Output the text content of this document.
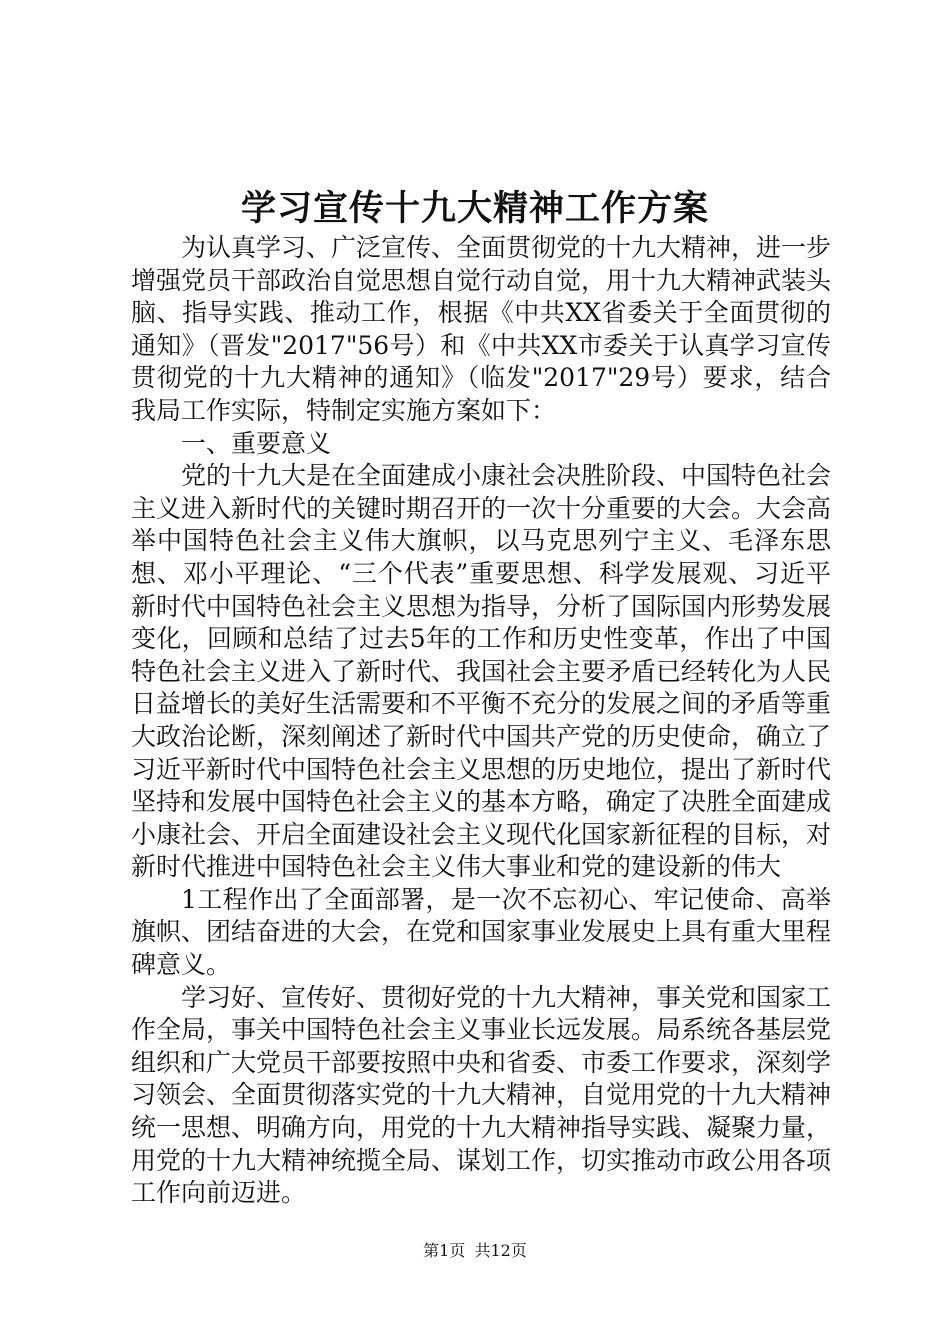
学习宣传十九大精神工作方案

为认真学习、广泛宣传、全面贯彻党的十九大精神，进一步增强党员干部政治自觉思想自觉行动自觉，用十九大精神武装头脑、指导实践、推动工作，根据《中共XX省委关于全面贯彻的通知》（晋发"2017"56号）和《中共XX市委关于认真学习宣传贯彻党的十九大精神的通知》（临发"2017"29号）要求，结合我局工作实际，特制定实施方案如下：

一、重要意义

党的十九大是在全面建成小康社会决胜阶段、中国特色社会主义进入新时代的关键时期召开的一次十分重要的大会。大会高举中国特色社会主义伟大旗帜，以马克思列宁主义、毛泽东思想、邓小平理论、“三个代表”重要思想、科学发展观、习近平新时代中国特色社会主义思想为指导，分析了国际国内形势发展变化，回顾和总结了过去5年的工作和历史性变革，作出了中国特色社会主义进入了新时代、我国社会主要矛盾已经转化为人民日益增长的美好生活需要和不平衡不充分的发展之间的矛盾等重大政治论断，深刻阐述了新时代中国共产党的历史使命，确立了习近平新时代中国特色社会主义思想的历史地位，提出了新时代坚持和发展中国特色社会主义的基本方略，确定了决胜全面建成小康社会、开启全面建设社会主义现代化国家新征程的目标，对新时代推进中国特色社会主义伟大事业和党的建设新的伟大

1工程作出了全面部署，是一次不忘初心、牢记使命、高举旗帜、团结奋进的大会，在党和国家事业发展史上具有重大里程碑意义。

学习好、宣传好、贯彻好党的十九大精神，事关党和国家工作全局，事关中国特色社会主义事业长远发展。局系统各基层党组织和广大党员干部要按照中央和省委、市委工作要求，深刻学习领会、全面贯彻落实党的十九大精神，自觉用党的十九大精神统一思想、明确方向，用党的十九大精神指导实践、凝聚力量，用党的十九大精神统揽全局、谋划工作，切实推动市政公用各项工作向前迈进。

第1页 共12页
